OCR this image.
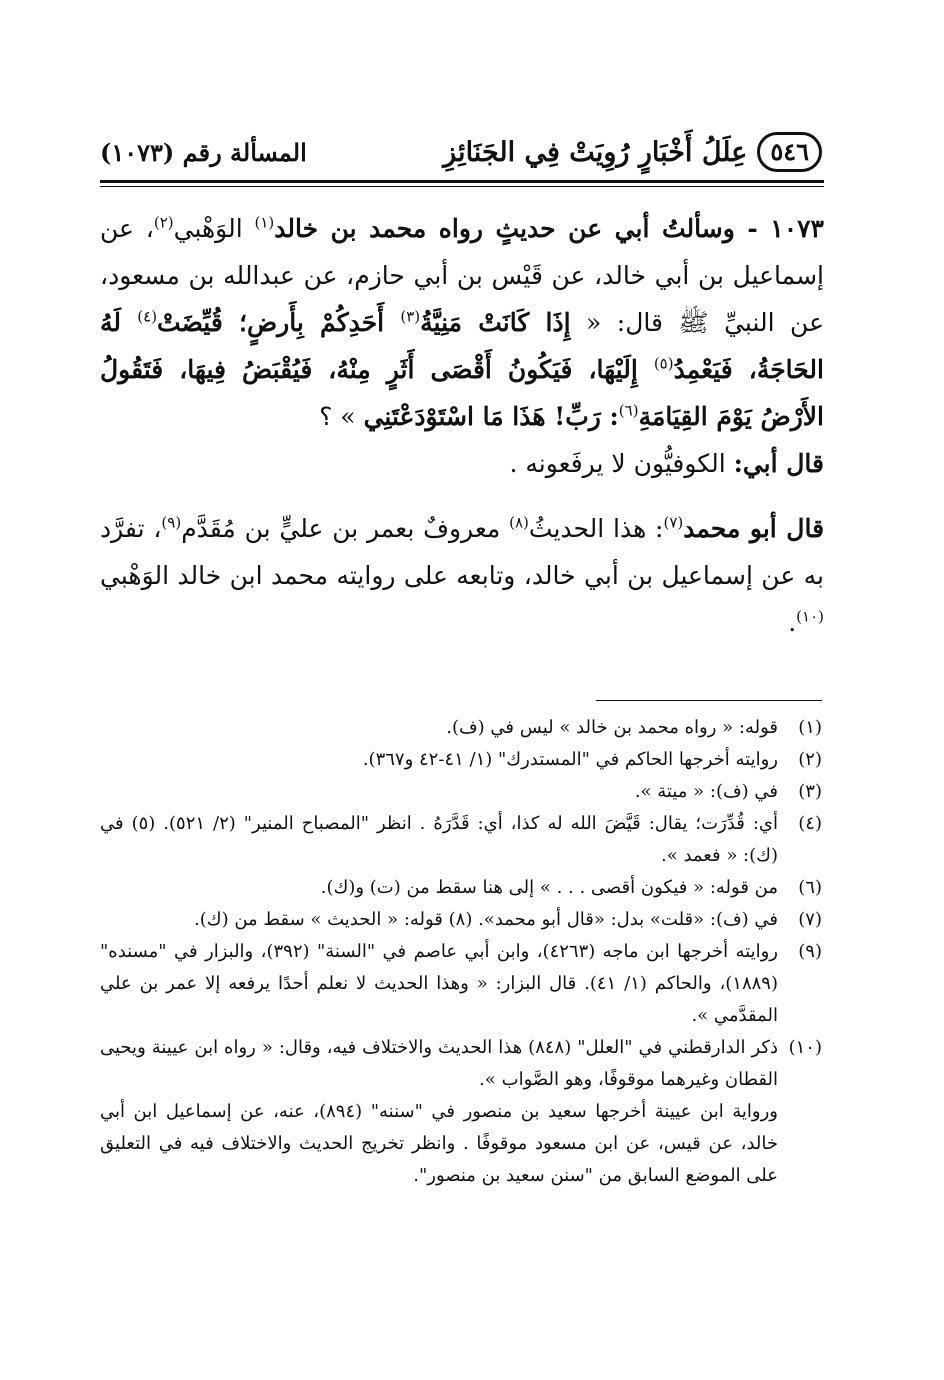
٥٤٦
عِلَلُ أَخْبَارٍ رُوِيَتْ فِي الجَنَائِزِ
المسألة رقم (١٠٧٣)

١٠٧٣ - وسألتُ أبي عن حديثٍ رواه محمد بن خالد$^{(١)}$ الوَهْبي$^{(٢)}$، عن إسماعيل بن أبي خالد، عن قَيْس بن أبي حازم، عن عبدالله بن مسعود، عن النبيِّ ﷺ قال: « إِذَا كَانَتْ مَنِيَّةُ$^{(٣)}$ أَحَدِكُمْ بِأَرضٍ؛ قُيِّضَتْ$^{(٤)}$ لَهُ الحَاجَةُ، فَيَعْمِدُ$^{(٥)}$ إِلَيْهَا، فَيَكُونُ أَقْصَى أَثَرٍ مِنْهُ، فَيُقْبَضُ فِيهَا، فَتَقُولُ الأَرْضُ يَوْمَ القِيَامَةِ$^{(٦)}$: رَبِّ! هَذَا مَا اسْتَوْدَعْتَنِي » ؟

قال أبي: الكوفيُّون لا يرفَعونه .

قال أبو محمد$^{(٧)}$: هذا الحديثُ$^{(٨)}$ معروفٌ بعمر بن عليٍّ بن مُقَدَّم$^{(٩)}$، تفرَّد به عن إسماعيل بن أبي خالد، وتابعه على روايته محمد ابن خالد الوَهْبي $^{(١٠)}$.

(١)
قوله: « رواه محمد بن خالد » ليس في (ف).

(٢)
روايته أخرجها الحاكم في "المستدرك" (١/ ٤١-٤٢ و٣٦٧).

(٣)
في (ف): « ميتة ».

(٤)
أي: قُدِّرَت؛ يقال: قَيَّضَ الله له كذا، أي: قَدَّرَهُ . انظر "المصباح المنير" (٢/ ٥٢١). (٥) في (ك): « فعمد ».

(٦)
من قوله: « فيكون أقصى . . . » إلى هنا سقط من (ت) و(ك).

(٧)
في (ف): «قلت» بدل: «قال أبو محمد». (٨) قوله: « الحديث » سقط من (ك).

(٩)
روايته أخرجها ابن ماجه (٤٢٦٣)، وابن أبي عاصم في "السنة" (٣٩٢)، والبزار في "مسنده" (١٨٨٩)، والحاكم (١/ ٤١). قال البزار: « وهذا الحديث لا نعلم أحدًا يرفعه إلا عمر بن علي المقدَّمي ».

(١٠)
ذكر الدارقطني في "العلل" (٨٤٨) هذا الحديث والاختلاف فيه، وقال: « رواه ابن عيينة ويحيى القطان وغيرهما موقوفًا، وهو الصَّواب ».

ورواية ابن عيينة أخرجها سعيد بن منصور في "سننه" (٨٩٤)، عنه، عن إسماعيل ابن أبي خالد، عن قيس، عن ابن مسعود موقوفًا . وانظر تخريج الحديث والاختلاف فيه في التعليق على الموضع السابق من "سنن سعيد بن منصور".
